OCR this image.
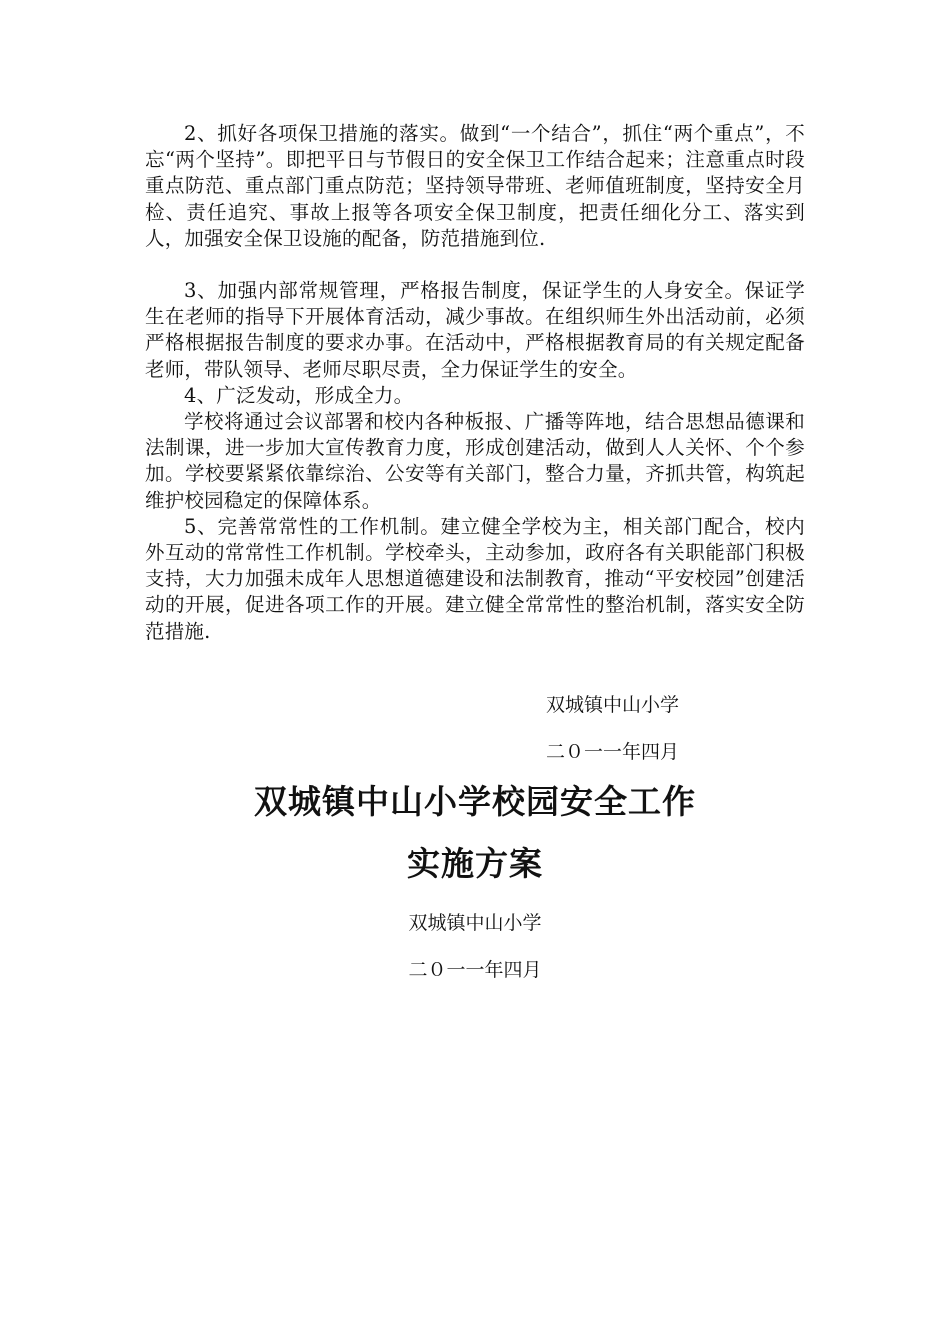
2、抓好各项保卫措施的落实。做到“一个结合”，抓住“两个重点”，不忘“两个坚持”。即把平日与节假日的安全保卫工作结合起来；注意重点时段重点防范、重点部门重点防范；坚持领导带班、老师值班制度，坚持安全月检、责任追究、事故上报等各项安全保卫制度，把责任细化分工、落实到人，加强安全保卫设施的配备，防范措施到位.

3、加强内部常规管理，严格报告制度，保证学生的人身安全。保证学生在老师的指导下开展体育活动，减少事故。在组织师生外出活动前，必须严格根据报告制度的要求办事。在活动中，严格根据教育局的有关规定配备老师，带队领导、老师尽职尽责，全力保证学生的安全。

4、广泛发动，形成全力。

学校将通过会议部署和校内各种板报、广播等阵地，结合思想品德课和法制课，进一步加大宣传教育力度，形成创建活动，做到人人关怀、个个参加。学校要紧紧依靠综治、公安等有关部门，整合力量，齐抓共管，构筑起维护校园稳定的保障体系。

5、完善常常性的工作机制。建立健全学校为主，相关部门配合，校内外互动的常常性工作机制。学校牵头，主动参加，政府各有关职能部门积极支持，大力加强未成年人思想道德建设和法制教育，推动“平安校园”创建活动的开展，促进各项工作的开展。建立健全常常性的整治机制，落实安全防范措施.

双城镇中山小学
二０一一年四月
双城镇中山小学校园安全工作
实施方案
双城镇中山小学
二０一一年四月
